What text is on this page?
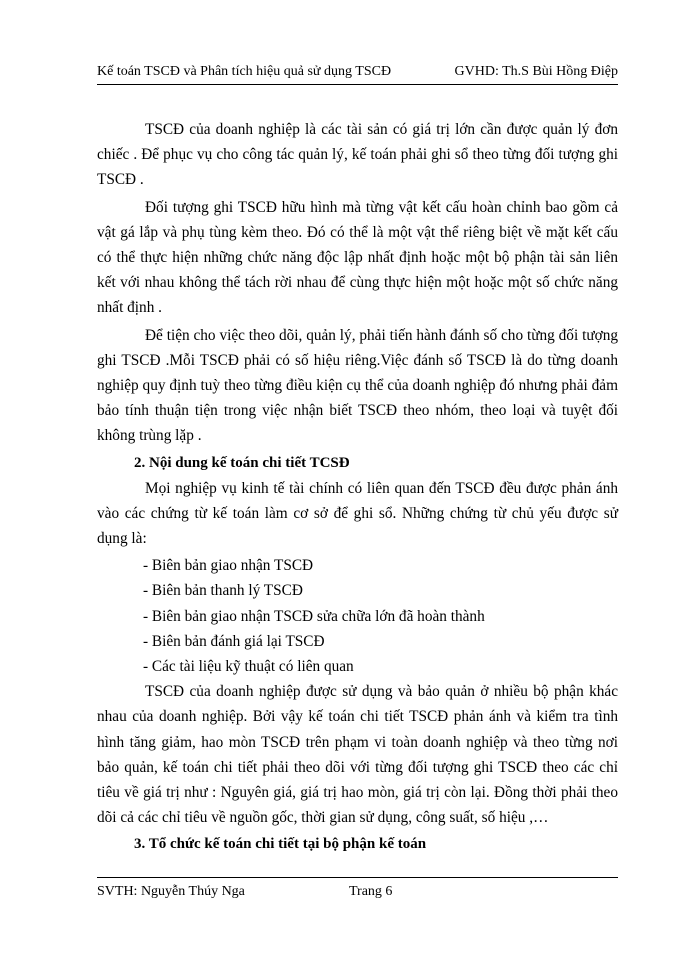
Kế toán TSCĐ và Phân tích hiệu quả sử dụng TSCĐ	GVHD: Th.S Bùi Hồng Điệp

TSCĐ của doanh nghiệp là các tài sản có giá trị lớn cần được quản lý đơn chiếc . Để phục vụ cho công tác quản lý, kế toán phải ghi sổ theo từng đối tượng ghi TSCĐ .

Đối tượng ghi TSCĐ hữu hình mà từng vật kết cấu hoàn chỉnh bao gồm cả vật gá lắp và phụ tùng kèm theo. Đó có thể là một vật thể riêng biệt về mặt kết cấu có thể thực hiện những chức năng độc lập nhất định hoặc một bộ phận tài sản liên kết với nhau không thể tách rời nhau để cùng thực hiện một hoặc một số chức năng nhất định .

Để tiện cho việc theo dõi, quản lý, phải tiến hành đánh số cho từng đối tượng ghi TSCĐ .Mỗi TSCĐ phải có số hiệu riêng.Việc đánh số TSCĐ là do từng doanh nghiệp quy định tuỳ theo từng điều kiện cụ thể của doanh nghiệp đó nhưng phải đảm bảo tính thuận tiện trong việc nhận biết TSCĐ theo nhóm, theo loại và tuyệt đối không trùng lặp .

2. Nội dung kế toán chi tiết TCSĐ

Mọi nghiệp vụ kinh tế tài chính có liên quan đến TSCĐ đều được phản ánh vào các chứng từ kế toán làm cơ sở để ghi sổ. Những chứng từ chủ yếu được sử dụng là:

- Biên bản giao nhận TSCĐ
- Biên bản thanh lý TSCĐ
- Biên bản giao nhận TSCĐ sửa chữa lớn đã hoàn thành
- Biên bản đánh giá lại TSCĐ
- Các tài liệu kỹ thuật có liên quan

TSCĐ của doanh nghiệp được sử dụng và bảo quản ở nhiều bộ phận khác nhau của doanh nghiệp. Bởi vậy kế toán chi tiết TSCĐ phản ánh và kiểm tra tình hình tăng giảm, hao mòn TSCĐ trên phạm vi toàn doanh nghiệp và theo từng nơi bảo quản, kế toán chi tiết phải theo dõi với từng đối tượng ghi TSCĐ theo các chỉ tiêu về giá trị như : Nguyên giá, giá trị hao mòn, giá trị còn lại. Đồng thời phải theo dõi cả các chỉ tiêu về nguồn gốc, thời gian sử dụng, công suất, số hiệu ,…

3. Tổ chức kế toán chi tiết tại bộ phận kế toán
SVTH: Nguyễn Thúy Nga	Trang 6
